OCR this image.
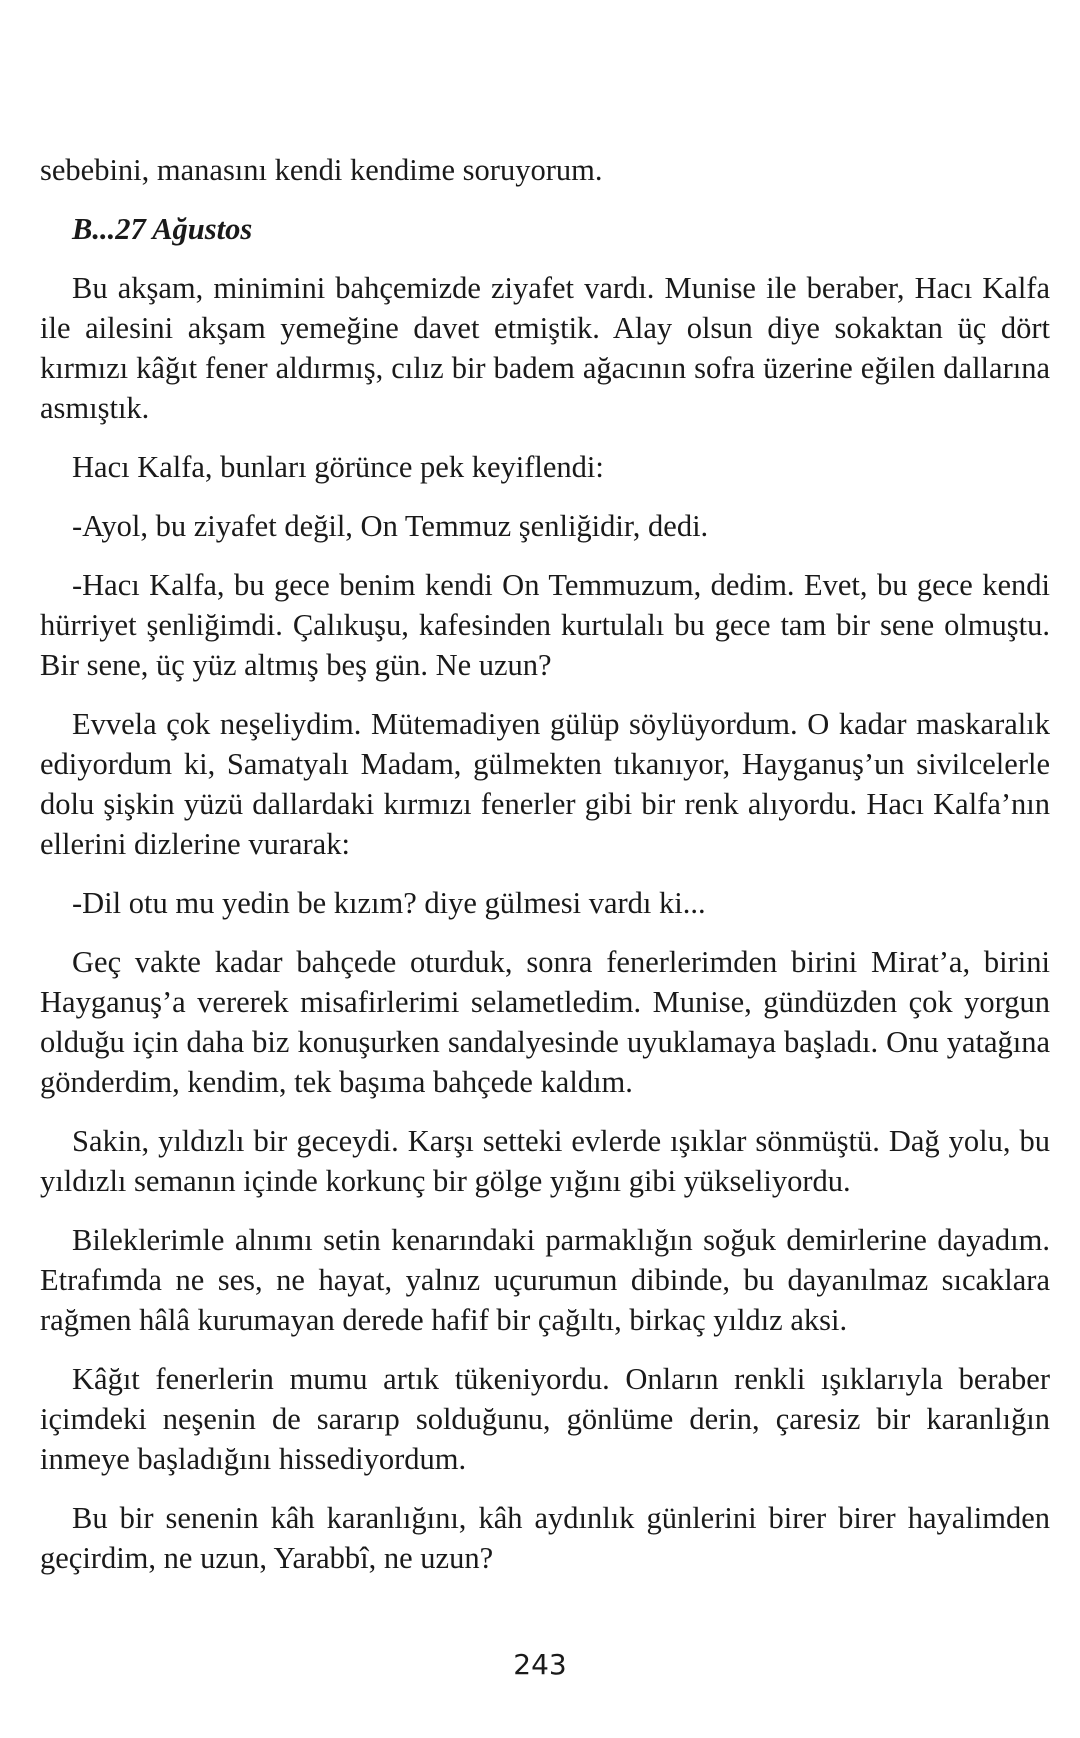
sebebini, manasını kendi kendime soruyorum.

B...27 Ağustos

Bu akşam, minimini bahçemizde ziyafet vardı. Munise ile beraber, Hacı Kalfa ile ailesini akşam yemeğine davet etmiştik. Alay olsun diye sokaktan üç dört kırmızı kâğıt fener aldırmış, cılız bir badem ağacının sofra üzerine eğilen dallarına asmıştık.

Hacı Kalfa, bunları görünce pek keyiflendi:

-Ayol, bu ziyafet değil, On Temmuz şenliğidir, dedi.

-Hacı Kalfa, bu gece benim kendi On Temmuzum, dedim. Evet, bu gece kendi hürriyet şenliğimdi. Çalıkuşu, kafesinden kurtulalı bu gece tam bir sene olmuştu. Bir sene, üç yüz altmış beş gün. Ne uzun?

Evvela çok neşeliydim. Mütemadiyen gülüp söylüyordum. O kadar maskaralık ediyordum ki, Samatyalı Madam, gülmekten tıkanıyor, Hayganuş’un sivilcelerle dolu şişkin yüzü dallardaki kırmızı fenerler gibi bir renk alıyordu. Hacı Kalfa’nın ellerini dizlerine vurarak:

-Dil otu mu yedin be kızım? diye gülmesi vardı ki...

Geç vakte kadar bahçede oturduk, sonra fenerlerimden birini Mirat’a, birini Hayganuş’a vererek misafirlerimi selametledim. Munise, gündüzden çok yorgun olduğu için daha biz konuşurken sandalyesinde uyuklamaya başladı. Onu yatağına gönderdim, kendim, tek başıma bahçede kaldım.

Sakin, yıldızlı bir geceydi. Karşı setteki evlerde ışıklar sönmüştü. Dağ yolu, bu yıldızlı semanın içinde korkunç bir gölge yığını gibi yükseliyordu.

Bileklerimle alnımı setin kenarındaki parmaklığın soğuk demirlerine dayadım. Etrafımda ne ses, ne hayat, yalnız uçurumun dibinde, bu dayanılmaz sıcaklara rağmen hâlâ kurumayan derede hafif bir çağıltı, birkaç yıldız aksi.

Kâğıt fenerlerin mumu artık tükeniyordu. Onların renkli ışıklarıyla beraber içimdeki neşenin de sararıp solduğunu, gönlüme derin, çaresiz bir karanlığın inmeye başladığını hissediyordum.

Bu bir senenin kâh karanlığını, kâh aydınlık günlerini birer birer hayalimden geçirdim, ne uzun, Yarabbî, ne uzun?

243
